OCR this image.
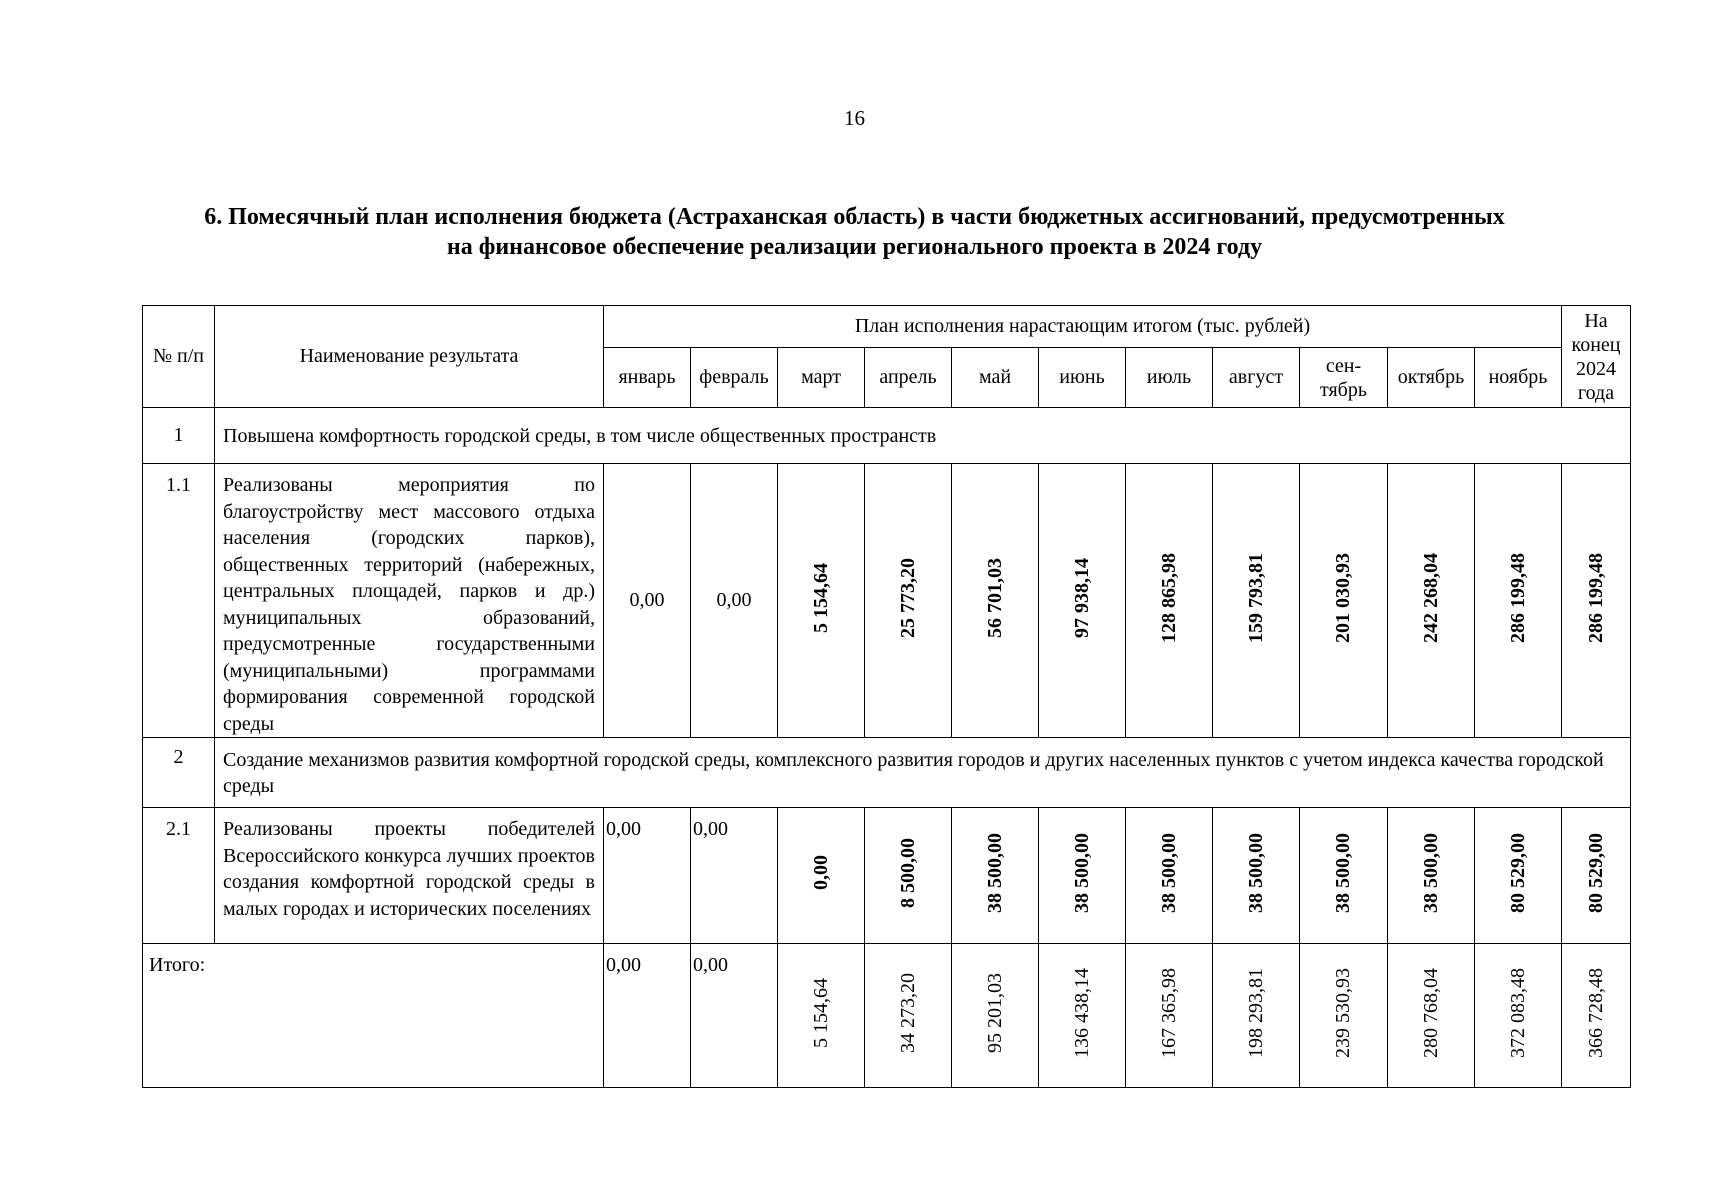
16
6. Помесячный план исполнения бюджета (Астраханская область) в части бюджетных ассигнований, предусмотренных
на финансовое обеспечение реализации регионального проекта в 2024 году
№ п/п	Наименование результата	План исполнения нарастающим итогом (тыс. рублей)											На конец 2024 года
		январь	февраль	март	апрель	май	июнь	июль	август	сен-тябрь	октябрь	ноябрь	
1	Повышена комфортность городской среды, в том числе общественных пространств												
1.1	Реализованы мероприятия по благоустройству мест массового отдыха населения (городских парков), общественных территорий (набережных, центральных площадей, парков и др.) муниципальных образований, предусмотренные государственными (муниципальными) программами формирования современной городской среды	0,00	0,00	5 154,64	25 773,20	56 701,03	97 938,14	128 865,98	159 793,81	201 030,93	242 268,04	286 199,48	286 199,48
2	Создание механизмов развития комфортной городской среды, комплексного развития городов и других населенных пунктов с учетом индекса качества городской среды												
2.1	Реализованы проекты победителей Всероссийского конкурса лучших проектов создания комфортной городской среды в малых городах и исторических поселениях	0,00	0,00	0,00	8 500,00	38 500,00	38 500,00	38 500,00	38 500,00	38 500,00	38 500,00	80 529,00	80 529,00
Итого:		0,00	0,00	5 154,64	34 273,20	95 201,03	136 438,14	167 365,98	198 293,81	239 530,93	280 768,04	372 083,48	366 728,48
